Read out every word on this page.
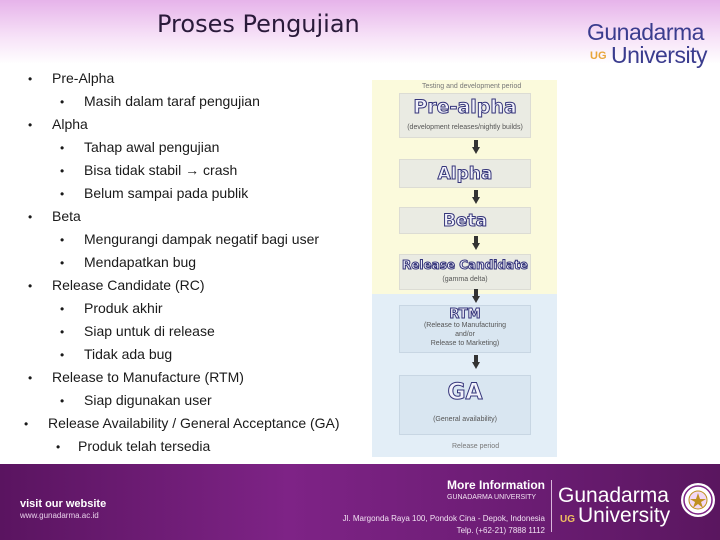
Proses Pengujian	Gunadarma
UG University
• Pre-Alpha
• Masih dalam taraf pengujian
• Alpha
• Tahap awal pengujian
• Bisa tidak stabil → crash
• Belum sampai pada publik
• Beta
• Mengurangi dampak negatif bagi user
• Mendapatkan bug
• Release Candidate (RC)
• Produk akhir
• Siap untuk di release
• Tidak ada bug
• Release to Manufacture (RTM)
• Siap digunakan user
• Release Availability / General Acceptance (GA)
• Produk telah tersedia
Testing and development period
Pre-alpha
(development releases/nightly builds)
Alpha
Beta
Release Candidate
(gamma delta)
RTM
(Release to Manufacturing
and/or
Release to Marketing)
GA
(General availability)
Release period
visit our website
www.gunadarma.ac.id
More Information
GUNADARMA UNIVERSITY
Jl. Margonda Raya 100, Pondok Cina - Depok, Indonesia
Telp. (+62-21) 7888 1112
Gunadarma
UG University
